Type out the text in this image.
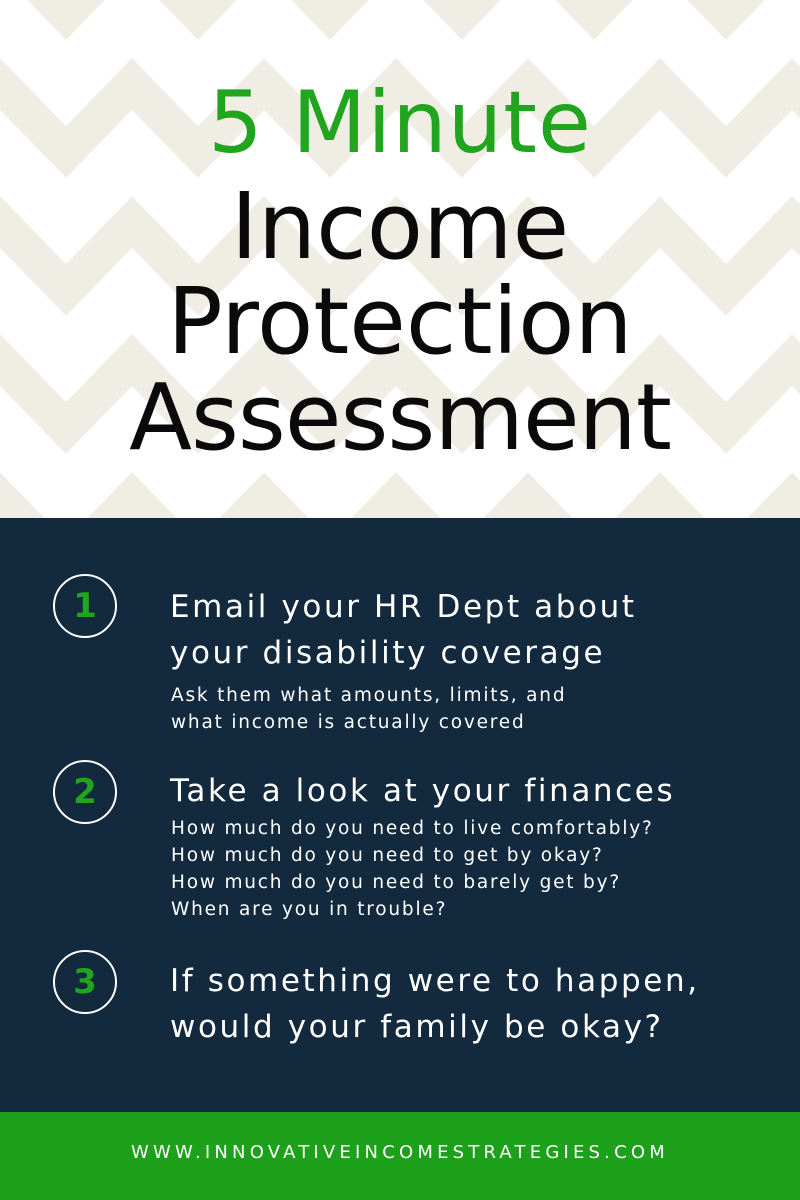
5 Minute
Income
Protection
Assessment
1	Email your HR Dept about
your disability coverage
Ask them what amounts, limits, and
what income is actually covered
2	Take a look at your finances
How much do you need to live comfortably?
How much do you need to get by okay?
How much do you need to barely get by?
When are you in trouble?
3	If something were to happen,
would your family be okay?
WWW.INNOVATIVEINCOMESTRATEGIES.COM
